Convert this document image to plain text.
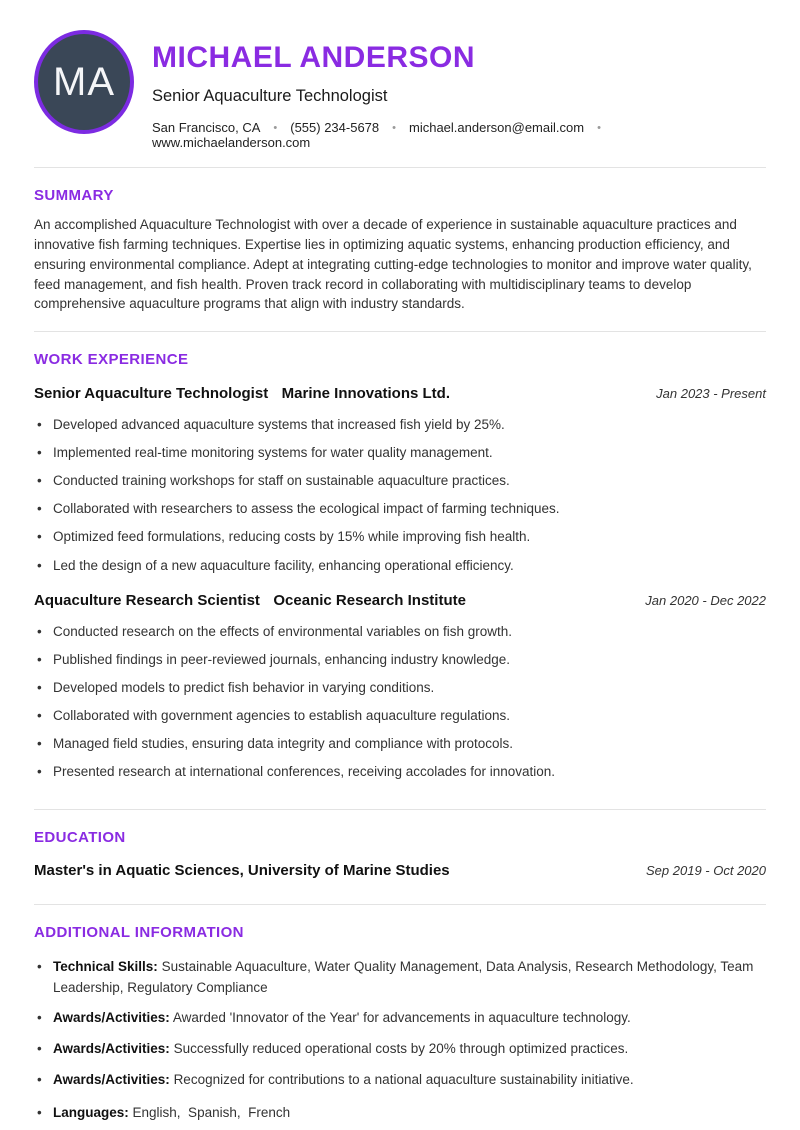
MA
MICHAEL ANDERSON
Senior Aquaculture Technologist
San Francisco, CA • (555) 234-5678 • michael.anderson@email.com •
www.michaelanderson.com
SUMMARY

An accomplished Aquaculture Technologist with over a decade of experience in sustainable aquaculture practices and innovative fish farming techniques. Expertise lies in optimizing aquatic systems, enhancing production efficiency, and ensuring environmental compliance. Adept at integrating cutting-edge technologies to monitor and improve water quality, feed management, and fish health. Proven track record in collaborating with multidisciplinary teams to develop comprehensive aquaculture programs that align with industry standards.

WORK EXPERIENCE
Senior Aquaculture Technologist Marine Innovations Ltd.	Jan 2023 - Present
• Developed advanced aquaculture systems that increased fish yield by 25%.
• Implemented real-time monitoring systems for water quality management.
• Conducted training workshops for staff on sustainable aquaculture practices.
• Collaborated with researchers to assess the ecological impact of farming techniques.
• Optimized feed formulations, reducing costs by 15% while improving fish health.
• Led the design of a new aquaculture facility, enhancing operational efficiency.
Aquaculture Research Scientist Oceanic Research Institute	Jan 2020 - Dec 2022
• Conducted research on the effects of environmental variables on fish growth.
• Published findings in peer-reviewed journals, enhancing industry knowledge.
• Developed models to predict fish behavior in varying conditions.
• Collaborated with government agencies to establish aquaculture regulations.
• Managed field studies, ensuring data integrity and compliance with protocols.
• Presented research at international conferences, receiving accolades for innovation.
EDUCATION
Master's in Aquatic Sciences, University of Marine Studies	Sep 2019 - Oct 2020
ADDITIONAL INFORMATION
• Technical Skills: Sustainable Aquaculture, Water Quality Management, Data Analysis, Research Methodology, Team Leadership, Regulatory Compliance
• Awards/Activities: Awarded 'Innovator of the Year' for advancements in aquaculture technology.
• Awards/Activities: Successfully reduced operational costs by 20% through optimized practices.
• Awards/Activities: Recognized for contributions to a national aquaculture sustainability initiative.
• Languages: English,  Spanish,  French
